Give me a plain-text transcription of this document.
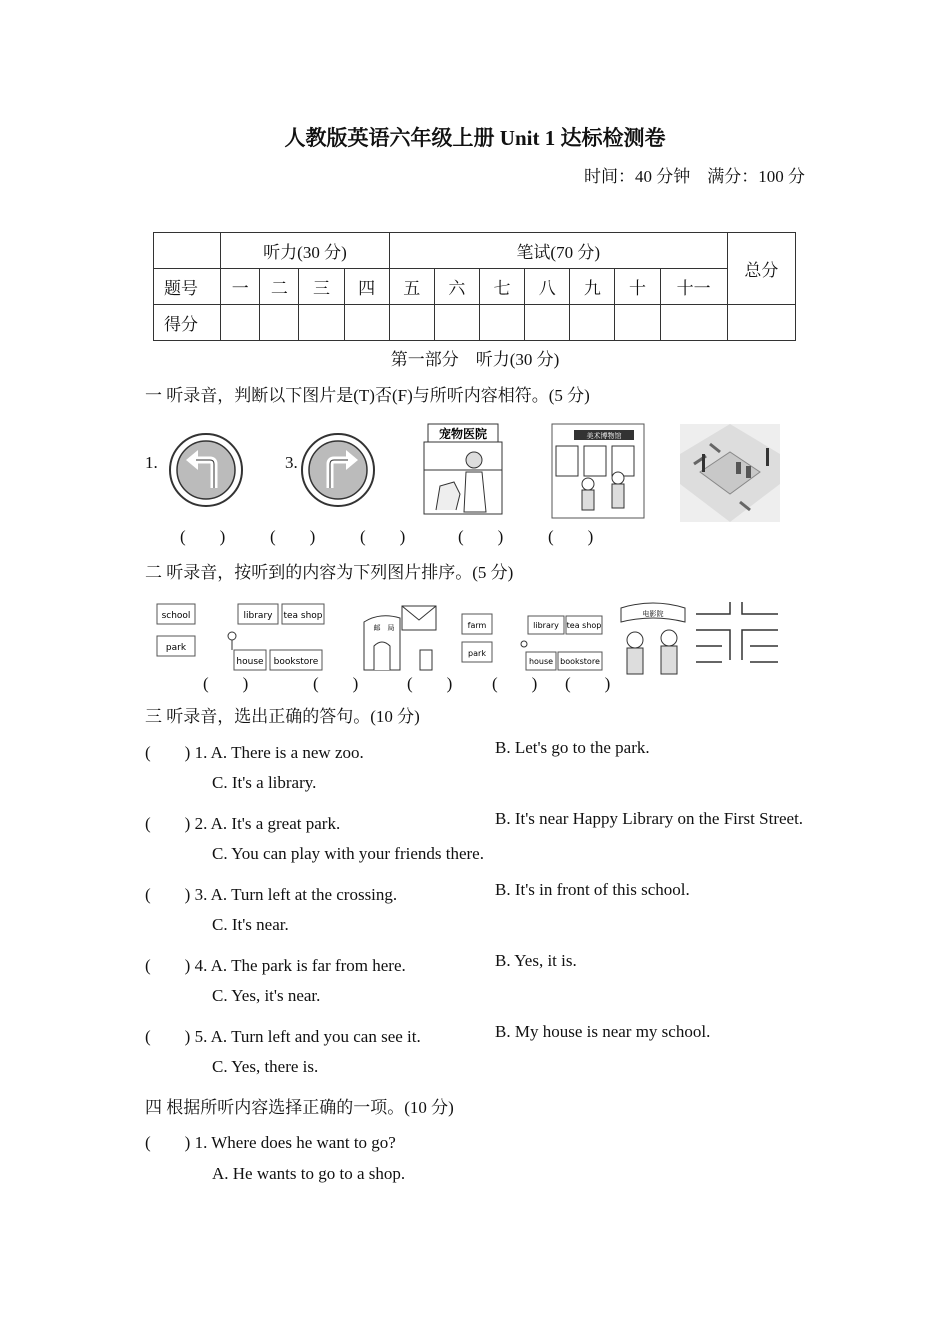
人教版英语六年级上册 Unit 1 达标检测卷
时间：40 分钟　满分：100 分
	听力(30 分)				笔试(70 分)							总分
题号	一	二	三	四	五	六	七	八	九	十	十一	
得分												
第一部分　听力(30 分)
一 听录音，判断以下图片是(T)否(F)与所听内容相符。(5 分)
1.	3.
宠物医院	美术博物馆
(　　)	(　　)	(　　)	(　　)	(　　)
二 听录音，按听到的内容为下列图片排序。(5 分)
school
park
library tea shop
house bookstore
邮　局	farm
park
library tea shop
house bookstore
电影院
(　　)	(　　)	(　　) (　　) (　　)
三 听录音，选出正确的答句。(10 分)
(　　) 1. A. There is a new zoo.	B. Let's go to the park.
C. It's a library.
(　　) 2. A. It's a great park.	B. It's near Happy Library on the First Street.
C. You can play with your friends there.
(　　) 3. A. Turn left at the crossing.	B. It's in front of this school.
C. It's near.
(　　) 4. A. The park is far from here.	B. Yes, it is.
C. Yes, it's near.
(　　) 5. A. Turn left and you can see it.	B. My house is near my school.
C. Yes, there is.
四 根据所听内容选择正确的一项。(10 分)
(　　) 1. Where does he want to go?
A. He wants to go to a shop.
